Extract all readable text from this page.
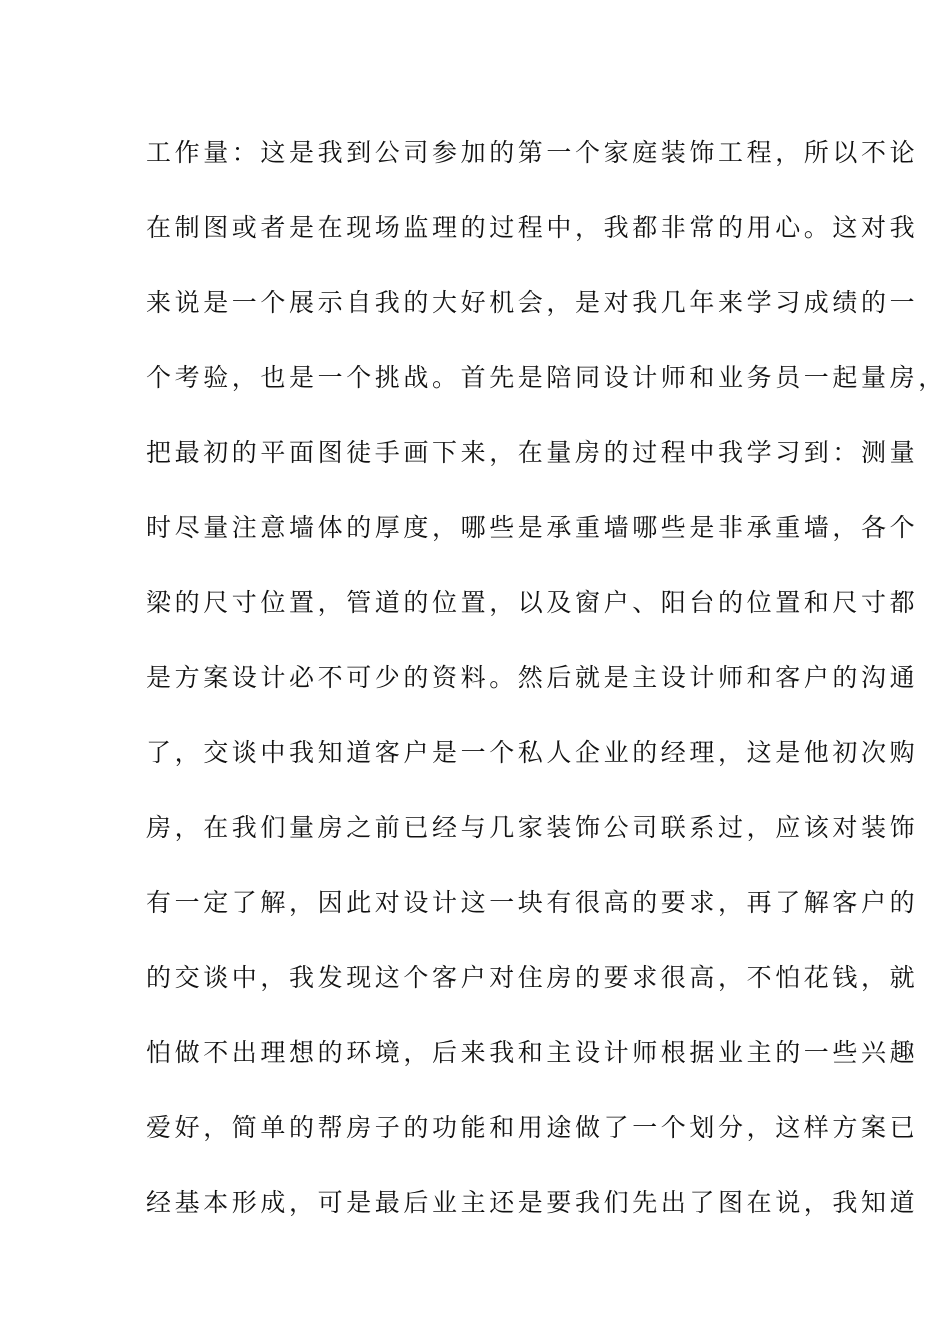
工作量：这是我到公司参加的第一个家庭装饰工程，所以不论
在制图或者是在现场监理的过程中，我都非常的用心。这对我
来说是一个展示自我的大好机会，是对我几年来学习成绩的一
个考验，也是一个挑战。首先是陪同设计师和业务员一起量房，
把最初的平面图徒手画下来，在量房的过程中我学习到：测量
时尽量注意墙体的厚度，哪些是承重墙哪些是非承重墙，各个
梁的尺寸位置，管道的位置，以及窗户、阳台的位置和尺寸都
是方案设计必不可少的资料。然后就是主设计师和客户的沟通
了，交谈中我知道客户是一个私人企业的经理，这是他初次购
房，在我们量房之前已经与几家装饰公司联系过，应该对装饰
有一定了解，因此对设计这一块有很高的要求，再了解客户的
的交谈中，我发现这个客户对住房的要求很高，不怕花钱，就
怕做不出理想的环境，后来我和主设计师根据业主的一些兴趣
爱好，简单的帮房子的功能和用途做了一个划分，这样方案已
经基本形成，可是最后业主还是要我们先出了图在说，我知道
